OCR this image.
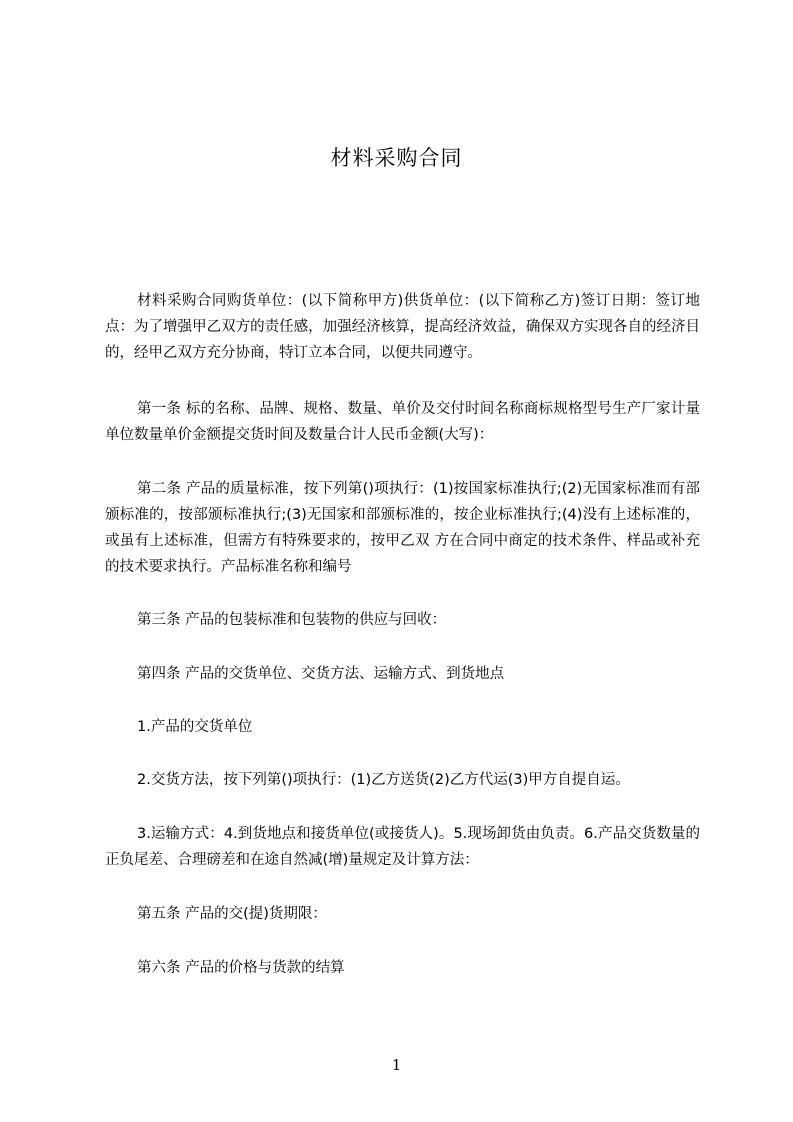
材料采购合同

材料采购合同购货单位：(以下简称甲方)供货单位：(以下简称乙方)签订日期：签订地点：为了增强甲乙双方的责任感，加强经济核算，提高经济效益，确保双方实现各自的经济目的，经甲乙双方充分协商，特订立本合同，以便共同遵守。

第一条 标的名称、品牌、规格、数量、单价及交付时间名称商标规格型号生产厂家计量单位数量单价金额提交货时间及数量合计人民币金额(大写)：

第二条 产品的质量标准，按下列第()项执行：(1)按国家标准执行;(2)无国家标准而有部颁标准的，按部颁标准执行;(3)无国家和部颁标准的，按企业标准执行;(4)没有上述标准的，或虽有上述标准，但需方有特殊要求的，按甲乙双 方在合同中商定的技术条件、样品或补充的技术要求执行。产品标准名称和编号

第三条 产品的包装标准和包装物的供应与回收：

第四条 产品的交货单位、交货方法、运输方式、到货地点

1.产品的交货单位

2.交货方法，按下列第()项执行：(1)乙方送货(2)乙方代运(3)甲方自提自运。

3.运输方式：4.到货地点和接货单位(或接货人)。5.现场卸货由负责。6.产品交货数量的正负尾差、合理磅差和在途自然减(增)量规定及计算方法：

第五条 产品的交(提)货期限：

第六条 产品的价格与货款的结算

1
